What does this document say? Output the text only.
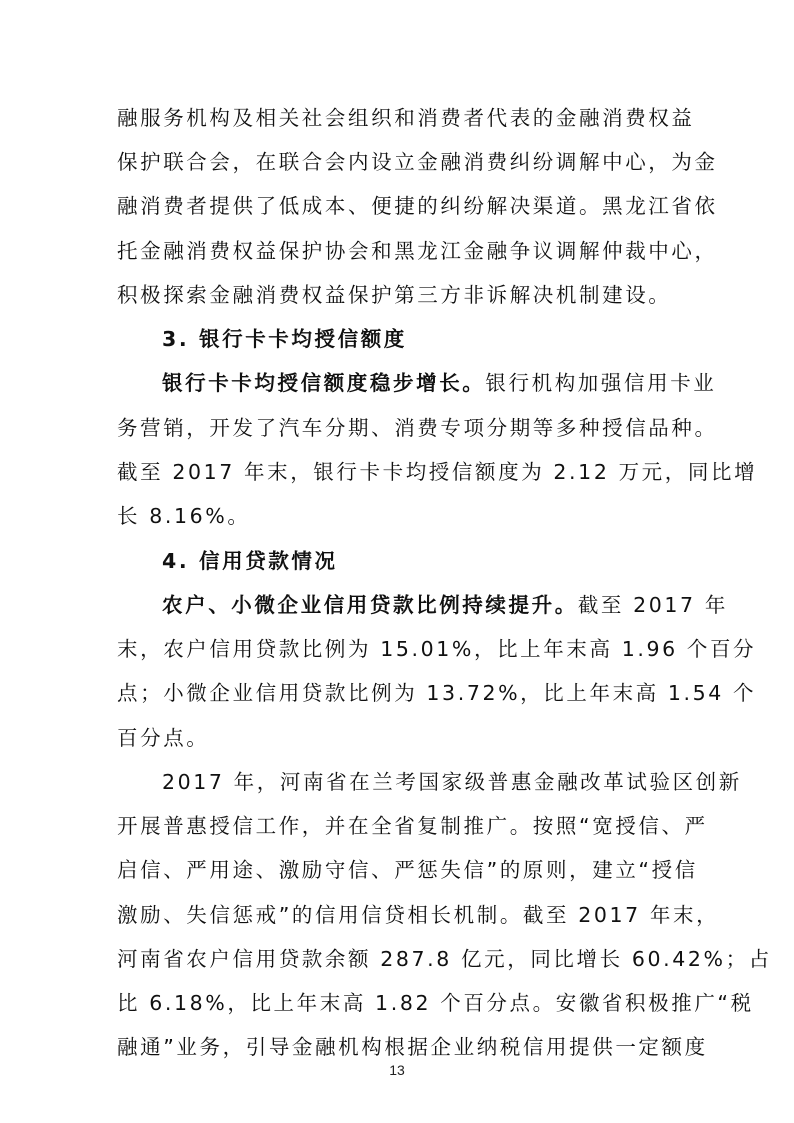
融服务机构及相关社会组织和消费者代表的金融消费权益
保护联合会，在联合会内设立金融消费纠纷调解中心，为金
融消费者提供了低成本、便捷的纠纷解决渠道。黑龙江省依
托金融消费权益保护协会和黑龙江金融争议调解仲裁中心，
积极探索金融消费权益保护第三方非诉解决机制建设。
3. 银行卡卡均授信额度
银行卡卡均授信额度稳步增长。银行机构加强信用卡业
务营销，开发了汽车分期、消费专项分期等多种授信品种。
截至 2017 年末，银行卡卡均授信额度为 2.12 万元，同比增
长 8.16%。
4. 信用贷款情况
农户、小微企业信用贷款比例持续提升。截至 2017 年
末，农户信用贷款比例为 15.01%，比上年末高 1.96 个百分
点；小微企业信用贷款比例为 13.72%，比上年末高 1.54 个
百分点。
2017 年，河南省在兰考国家级普惠金融改革试验区创新
开展普惠授信工作，并在全省复制推广。按照“宽授信、严
启信、严用途、激励守信、严惩失信”的原则，建立“授信
激励、失信惩戒”的信用信贷相长机制。截至 2017 年末，
河南省农户信用贷款余额 287.8 亿元，同比增长 60.42%；占
比 6.18%，比上年末高 1.82 个百分点。安徽省积极推广“税
融通”业务，引导金融机构根据企业纳税信用提供一定额度
13
